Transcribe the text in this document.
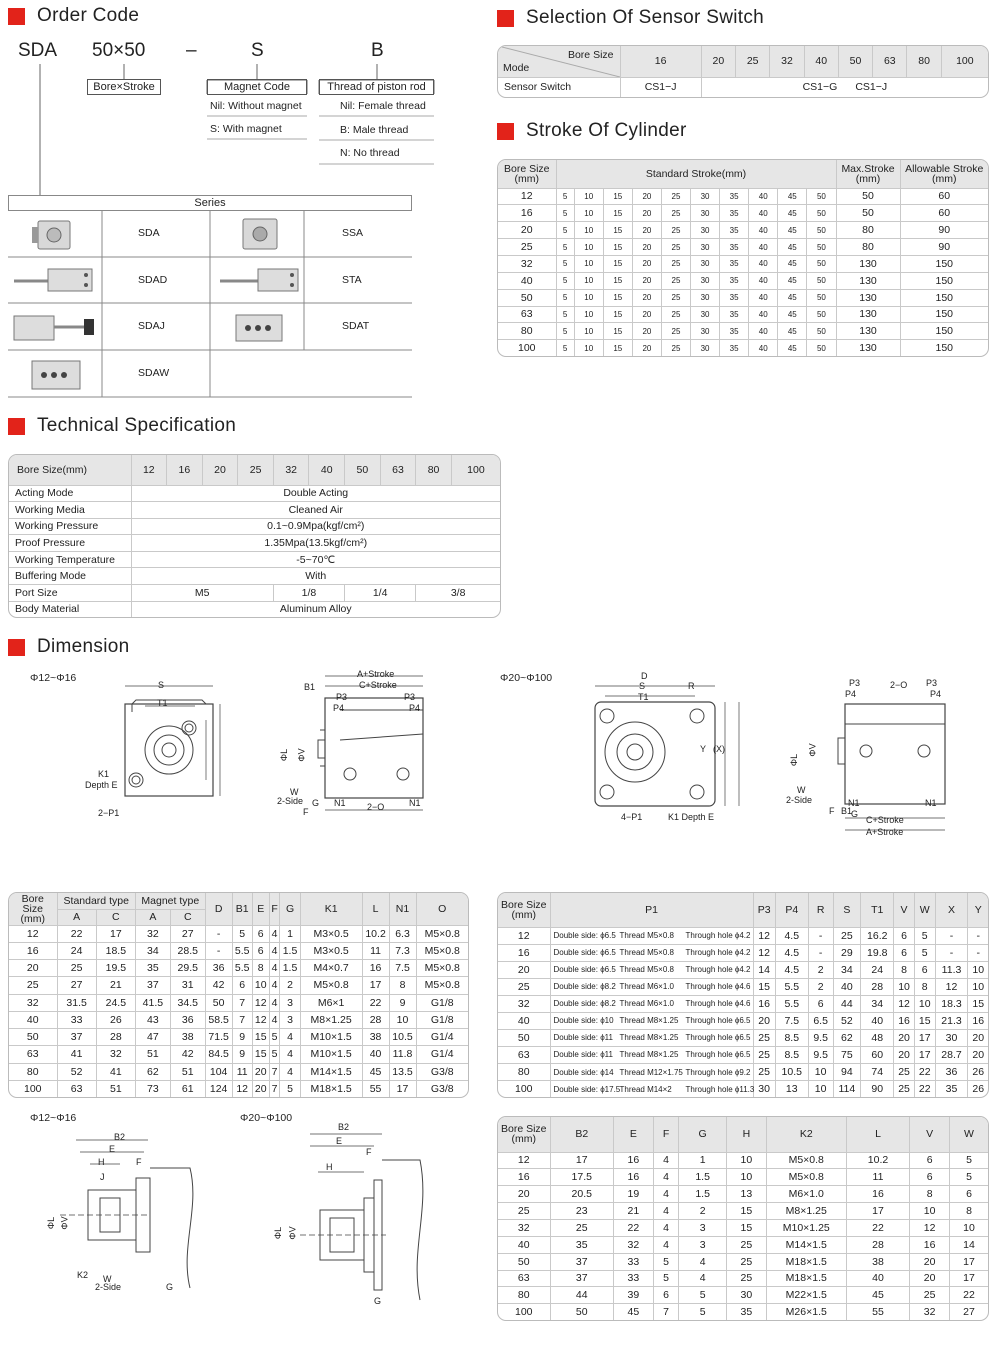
Order Code	Selection Of Sensor Switch
Stroke Of Cylinder
Technical Specification
Dimension
SDA 50×50 –	S	B
Bore×Stroke	Magnet Code	Thread of piston rod
Nil: Without magnet
S: With magnet
Nil: Female thread
B: Male thread
N: No thread
Series
SDA	SSA
SDAD	STA
SDAJ	SDAT
SDAW
Bore Size
Mode	16	20	25	32	40	50	63	80	100
Sensor Switch	CS1−J	CS1−G CS1−J							
Bore Size (mm)	Standard Stroke(mm)										Max.Stroke (mm)	Allowable Stroke (mm)
12	5	10	15	20	25	30	35	40	45	50	50	60
16	5	10	15	20	25	30	35	40	45	50	50	60
20	5	10	15	20	25	30	35	40	45	50	80	90
25	5	10	15	20	25	30	35	40	45	50	80	90
32	5	10	15	20	25	30	35	40	45	50	130	150
40	5	10	15	20	25	30	35	40	45	50	130	150
50	5	10	15	20	25	30	35	40	45	50	130	150
63	5	10	15	20	25	30	35	40	45	50	130	150
80	5	10	15	20	25	30	35	40	45	50	130	150
100	5	10	15	20	25	30	35	40	45	50	130	150
Bore Size(mm)	12	16	20	25	32	40	50	63	80	100
Acting Mode	Double Acting									
Working Media	Cleaned Air									
Working Pressure	0.1~0.9Mpa(kgf/cm²)									
Proof Pressure	1.35Mpa(13.5kgf/cm²)									
Working Temperature	-5~70℃									
Buffering Mode	With									
Port Size	M5				1/8		1/4		3/8	
Body Material	Aluminum Alloy									
Φ12~Φ16
S
T1
K1
Depth E
2−P1
A+Stroke
C+Stroke
B1
P3
P4
P3
P4
ΦL ΦV
W
2-Side G
F
N1 2−O	N1
Φ20~Φ100	D
S
T1
R
Y (X)
4−P1	K1 Depth E
P3
P4
2−O P3
P4
ΦL
ΦV
W
2-Side
F B1
G
N1	N1
C+Stroke
A+Stroke
Bore Size (mm)	Standard type		Magnet type		D	B1	E	F	G	K1	L	N1	O
	A	C	A	C									
12	22	17	32	27	-	5	6	4	1	M3×0.5	10.2	6.3	M5×0.8
16	24	18.5	34	28.5	-	5.5	6	4	1.5	M3×0.5	11	7.3	M5×0.8
20	25	19.5	35	29.5	36	5.5	8	4	1.5	M4×0.7	16	7.5	M5×0.8
25	27	21	37	31	42	6	10	4	2	M5×0.8	17	8	M5×0.8
32	31.5	24.5	41.5	34.5	50	7	12	4	3	M6×1	22	9	G1/8
40	33	26	43	36	58.5	7	12	4	3	M8×1.25	28	10	G1/8
50	37	28	47	38	71.5	9	15	5	4	M10×1.5	38	10.5	G1/4
63	41	32	51	42	84.5	9	15	5	4	M10×1.5	40	11.8	G1/4
80	52	41	62	51	104	11	20	7	4	M14×1.5	45	13.5	G3/8
100	63	51	73	61	124	12	20	7	5	M18×1.5	55	17	G3/8
Bore Size (mm)	P1	P3	P4	R	S	T1	V	W	X	Y
12	Double side: ϕ6.5 Thread M5×0.8 Through hole ϕ4.2	12	4.5	-	25	16.2	6	5	-	-
16	Double side: ϕ6.5 Thread M5×0.8 Through hole ϕ4.2	12	4.5	-	29	19.8	6	5	-	-
20	Double side: ϕ6.5 Thread M5×0.8 Through hole ϕ4.2	14	4.5	2	34	24	8	6	11.3	10
25	Double side: ϕ8.2 Thread M6×1.0 Through hole ϕ4.6	15	5.5	2	40	28	10	8	12	10
32	Double side: ϕ8.2 Thread M6×1.0 Through hole ϕ4.6	16	5.5	6	44	34	12	10	18.3	15
40	Double side: ϕ10 Thread M8×1.25 Through hole ϕ6.5	20	7.5	6.5	52	40	16	15	21.3	16
50	Double side: ϕ11 Thread M8×1.25 Through hole ϕ6.5	25	8.5	9.5	62	48	20	17	30	20
63	Double side: ϕ11 Thread M8×1.25 Through hole ϕ6.5	25	8.5	9.5	75	60	20	17	28.7	20
80	Double side: ϕ14 Thread M12×1.75 Through hole ϕ9.2	25	10.5	10	94	74	25	22	36	26
100	Double side: ϕ17.5Thread M14×2 Through hole ϕ11.3	30	13	10	114	90	25	22	35	26
Φ12~Φ16
B2
E
H	F
J
ΦL ΦV
K2 W
2-Side	G
Φ20~Φ100
B2
E
F
H
ΦL ΦV
G
Bore Size (mm)	B2	E	F	G	H	K2	L	V	W
12	17	16	4	1	10	M5×0.8	10.2	6	5
16	17.5	16	4	1.5	10	M5×0.8	11	6	5
20	20.5	19	4	1.5	13	M6×1.0	16	8	6
25	23	21	4	2	15	M8×1.25	17	10	8
32	25	22	4	3	15	M10×1.25	22	12	10
40	35	32	4	3	25	M14×1.5	28	16	14
50	37	33	5	4	25	M18×1.5	38	20	17
63	37	33	5	4	25	M18×1.5	40	20	17
80	44	39	6	5	30	M22×1.5	45	25	22
100	50	45	7	5	35	M26×1.5	55	32	27
